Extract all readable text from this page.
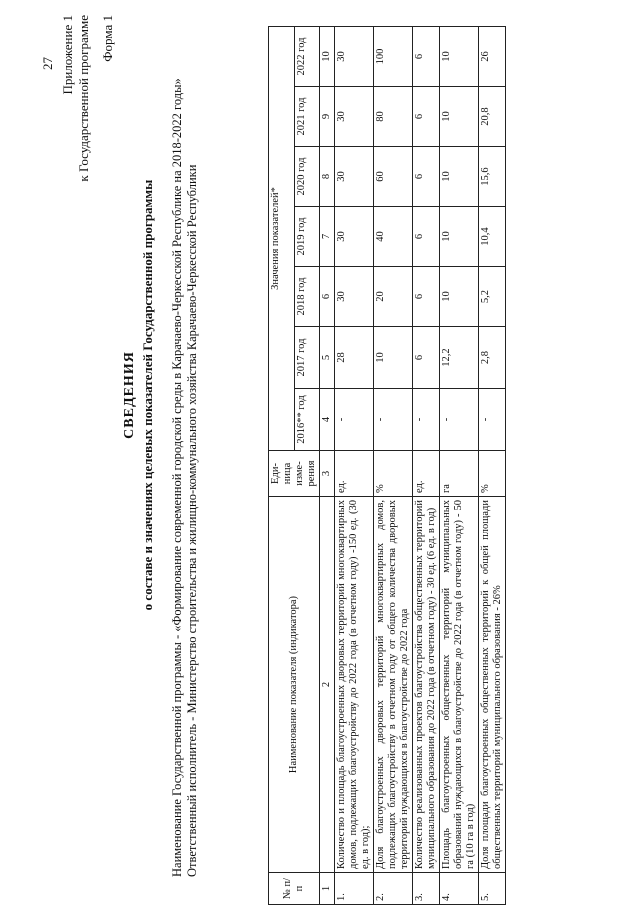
27 Приложение 1 к Государственной программе Форма 1
СВЕДЕНИЯ о составе и значениях целевых показателей Государственной программы Наименование Государственной программы - «Формирование современной городской среды в Карачаево-Черкесской Республике на 2018-2022 годы» Ответственный исполнитель - Министерство строительства и жилищно-коммунального хозяйства Карачаево-Черкесской Республики

№ п/п	Наименование показателя (индикатора)	Еди-ница изме-рения	Значения показателей*						
			2016** год	2017 год	2018 год	2019 год	2020 год	2021 год	2022 год
1	2	3	4	5	6	7	8	9	10
1.	Количество и площадь благоустроенных дворовых территорий многоквартирных домов, подлежащих благоустройству до 2022 года (в отчетном году) -150 ед. (30 ед. в год);	ед.	-	28	30	30	30	30	30
2.	Доля благоустроенных дворовых территорий многоквартирных домов, подлежащих благоустройству в отчетном году от общего количества дворовых территорий нуждающихся в благоустройстве до 2022 года	%	-	10	20	40	60	80	100
3.	Количество реализованных проектов благоустройства общественных территорий муниципального образования до 2022 года (в отчетном году) - 30 ед. (6 ед. в год)	ед.	-	6	6	6	6	6	6
4.	Площадь благоустроенных общественных территорий муниципальных образований нуждающихся в благоустройстве до 2022 года (в отчетном году) - 50 га (10 га в год)	га	-	12,2	10	10	10	10	10
5.	Доля площади благоустроенных общественных территорий к общей площади общественных территорий муниципального образования - 26%	%	-	2,8	5,2	10,4	15,6	20,8	26
